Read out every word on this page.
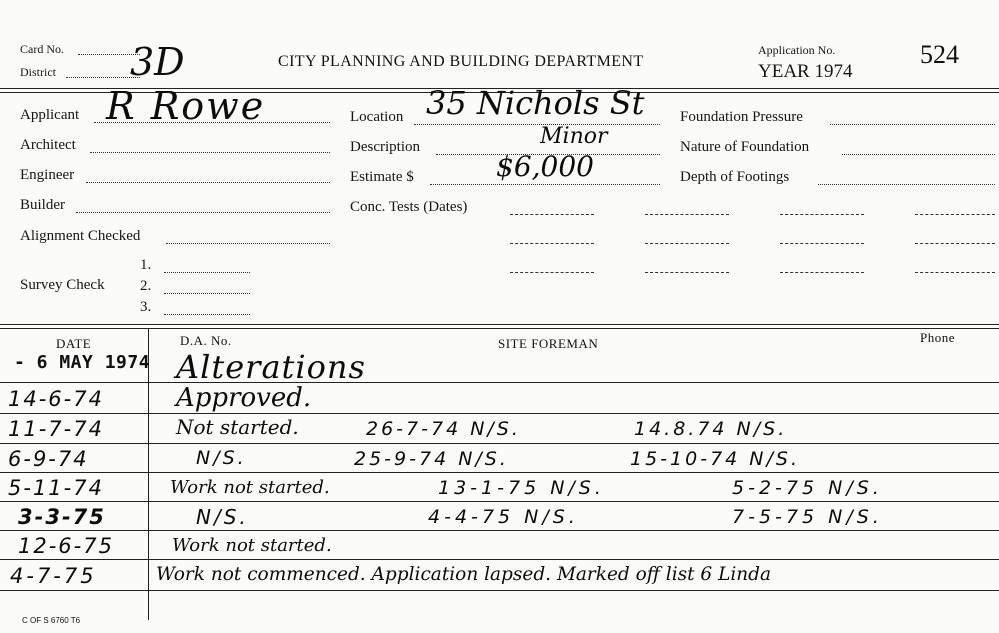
Card No.
District 3D	CITY PLANNING AND BUILDING DEPARTMENT
Application No.
YEAR 1974
524
Applicant R Rowe
Architect
Engineer
Builder
Alignment Checked
Survey Check
1.
2.
3.
Location 35 Nichols St
Description	Minor
Estimate $	$6,000
Conc. Tests (Dates)
Foundation Pressure
Nature of Foundation
Depth of Footings
DATE	D.A. No.	SITE FOREMAN	Phone
- 6 MAY 1974 Alterations
14-6-74	Approved.
11-7-74	Not started.	26-7-74 N/S.	14.8.74 N/S.
6-9-74	N/S.	25-9-74 N/S.	15-10-74 N/S.
5-11-74	Work not started.	13-1-75 N/S.	5-2-75 N/S.
3-3-75	N/S.	4-4-75 N/S.	7-5-75 N/S.
12-6-75	Work not started.
4-7-75	Work not commenced. Application lapsed. Marked off list 6 Linda
C OF S 6760 T6
